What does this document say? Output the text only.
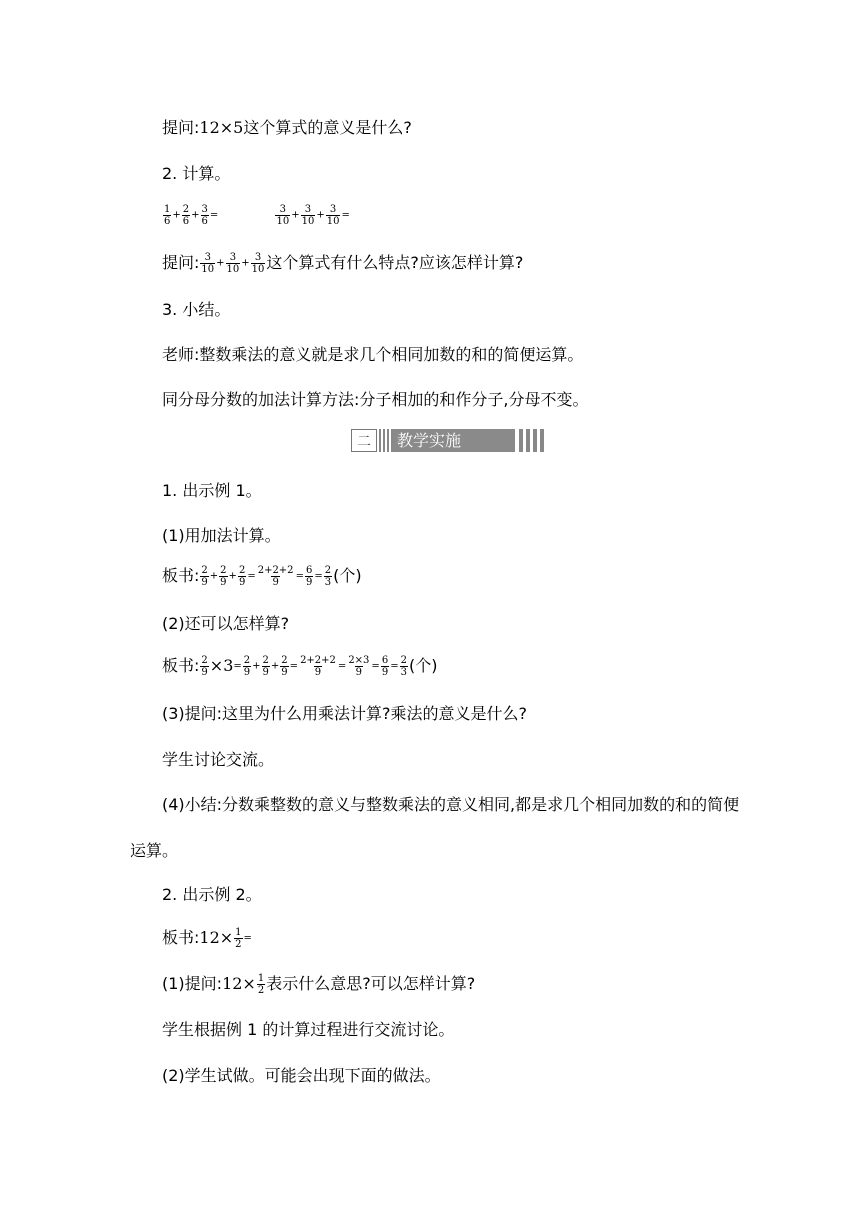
提问:12×5这个算式的意义是什么?
2. 计算。
$\frac{1}{6} + \frac{2}{6} + \frac{3}{6}$ =	$\frac{3}{10} + \frac{3}{10} + \frac{3}{10}$ =
提问: $\frac{3}{10} + \frac{3}{10} + \frac{3}{10}$ 这个算式有什么特点?应该怎样计算?
3. 小结。
老师:整数乘法的意义就是求几个相同加数的和的简便运算。
同分母分数的加法计算方法:分子相加的和作分子,分母不变。
二	教学实施
1. 出示例 1。
(1)用加法计算。
板书: $\frac{2}{9} + \frac{2}{9} + \frac{2}{9} = \frac{2+2+2}{9} = \frac{6}{9} = \frac{2}{3}$ (个)
(2)还可以怎样算?
板书: $\frac{2}{9} \times 3= \frac{2}{9} + \frac{2}{9} + \frac{2}{9} = \frac{2+2+2}{9} = \frac{2\times 3}{9} = \frac{6}{9} = \frac{2}{3}$ (个)
(3)提问:这里为什么用乘法计算?乘法的意义是什么?
学生讨论交流。
(4)小结:分数乘整数的意义与整数乘法的意义相同,都是求几个相同加数的和的简便
运算。
2. 出示例 2。
板书:12× $\frac{1}{2}$ =
(1)提问:12× $\frac{1}{2}$ 表示什么意思?可以怎样计算?
学生根据例 1 的计算过程进行交流讨论。
(2)学生试做。可能会出现下面的做法。
